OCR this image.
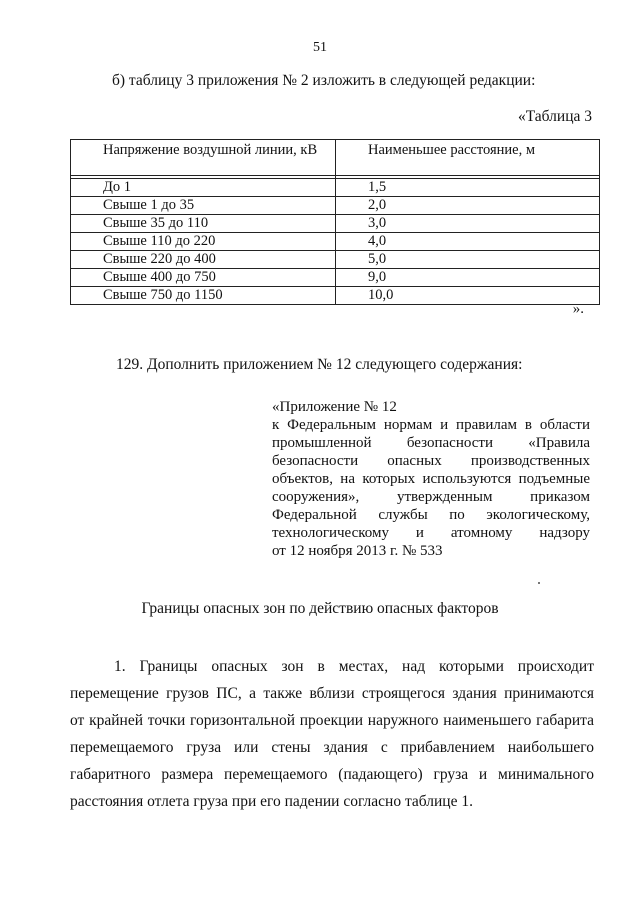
51
б) таблицу 3 приложения № 2 изложить в следующей редакции:
«Таблица 3
Напряжение воздушной линии, кВ	Наименьшее расстояние, м

До 1	1,5
Свыше 1 до 35	2,0
Свыше 35 до 110	3,0
Свыше 110 до 220	4,0
Свыше 220 до 400	5,0
Свыше 400 до 750	9,0
Свыше 750 до 1150	10,0
».
129. Дополнить приложением № 12 следующего содержания:
«Приложение № 12
к Федеральным нормам и правилам в области
промышленной безопасности «Правила
безопасности опасных производственных
объектов, на которых используются подъемные
сооружения», утвержденным приказом
Федеральной службы по экологическому,
технологическому и атомному надзору
от 12 ноября 2013 г. № 533
Границы опасных зон по действию опасных факторов
1. Границы опасных зон в местах, над которыми происходит
перемещение грузов ПС, а также вблизи строящегося здания принимаются
от крайней точки горизонтальной проекции наружного наименьшего габарита
перемещаемого груза или стены здания с прибавлением наибольшего
габаритного размера перемещаемого (падающего) груза и минимального
расстояния отлета груза при его падении согласно таблице 1.
